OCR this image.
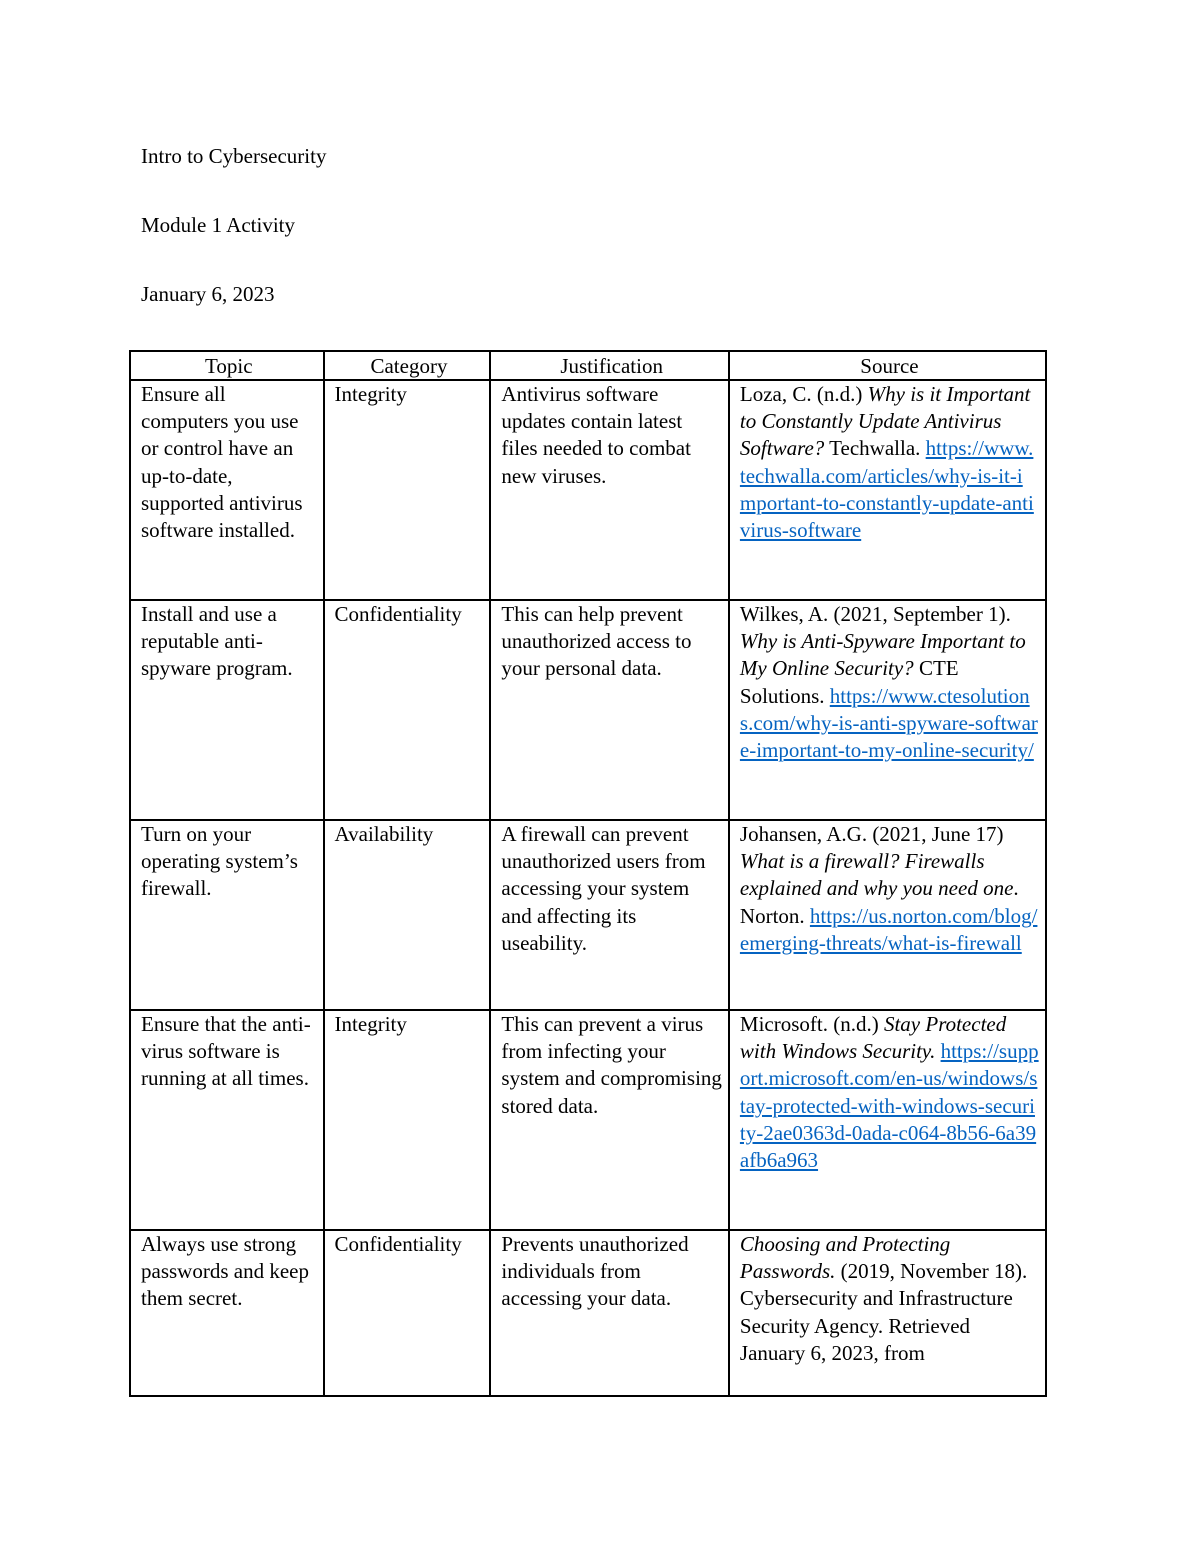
Intro to Cybersecurity

Module 1 Activity

January 6, 2023

Topic	Category	Justification	Source
Ensure all computers you use or control have an up-to-date, supported antivirus software installed.	Integrity	Antivirus software updates contain latest files needed to combat new viruses.	Loza, C. (n.d.) Why is it Important to Constantly Update Antivirus Software? Techwalla. https://www.techwalla.com/articles/why-is-it-important-to-constantly-update-antivirus-software
Install and use a reputable anti-spyware program.	Confidentiality	This can help prevent unauthorized access to your personal data.	Wilkes, A. (2021, September 1). Why is Anti-Spyware Important to My Online Security? CTE Solutions. https://www.ctesolutions.com/why-is-anti-spyware-software-important-to-my-online-security/
Turn on your operating system’s firewall.	Availability	A firewall can prevent unauthorized users from accessing your system and affecting its useability.	Johansen, A.G. (2021, June 17) What is a firewall? Firewalls explained and why you need one. Norton. https://us.norton.com/blog/emerging-threats/what-is-firewall
Ensure that the anti-virus software is running at all times.	Integrity	This can prevent a virus from infecting your system and compromising stored data.	Microsoft. (n.d.) Stay Protected with Windows Security. https://support.microsoft.com/en-us/windows/stay-protected-with-windows-security-2ae0363d-0ada-c064-8b56-6a39afb6a963
Always use strong passwords and keep them secret.	Confidentiality	Prevents unauthorized individuals from accessing your data.	Choosing and Protecting Passwords. (2019, November 18). Cybersecurity and Infrastructure Security Agency. Retrieved January 6, 2023, from
